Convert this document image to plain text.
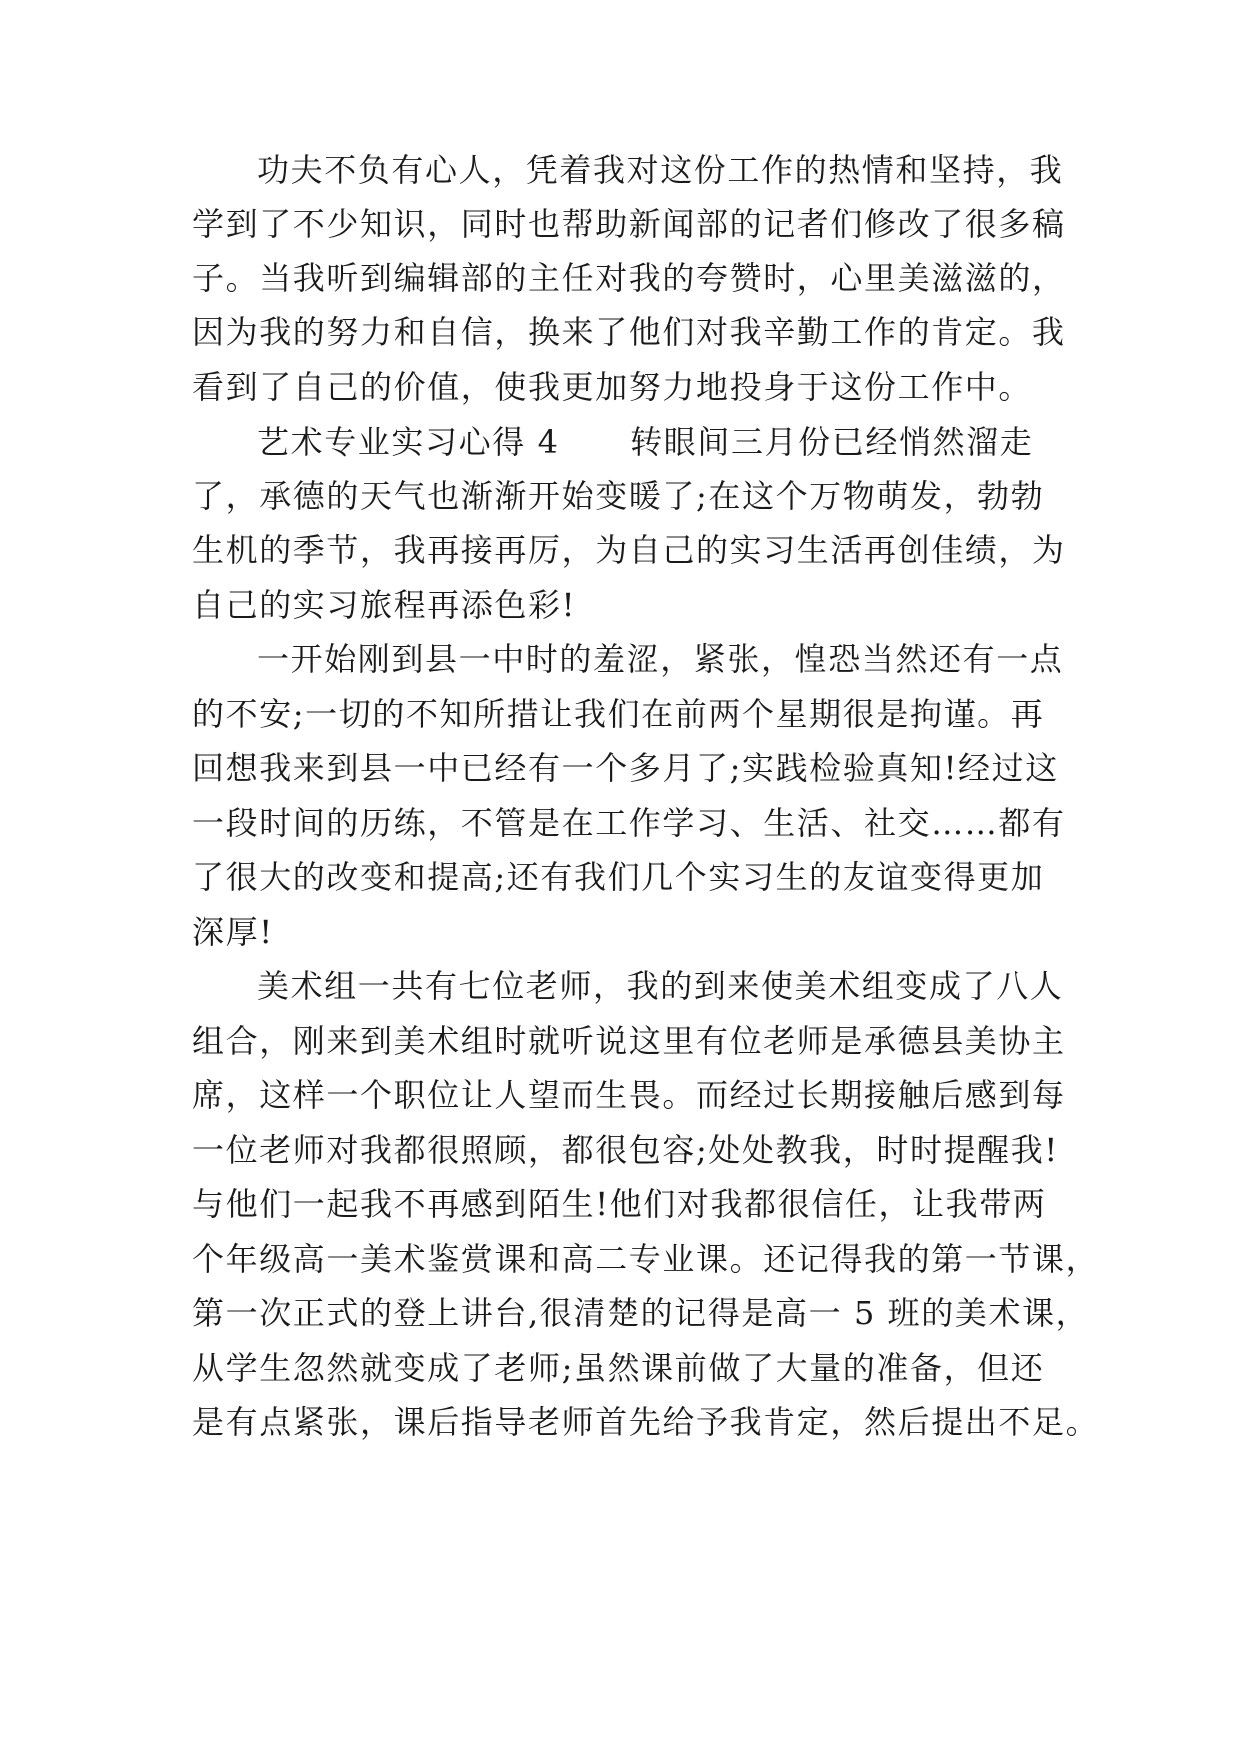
功夫不负有心人，凭着我对这份工作的热情和坚持，我
学到了不少知识，同时也帮助新闻部的记者们修改了很多稿
子。当我听到编辑部的主任对我的夸赞时，心里美滋滋的，
因为我的努力和自信，换来了他们对我辛勤工作的肯定。我
看到了自己的价值，使我更加努力地投身于这份工作中。
艺术专业实习心得 4      转眼间三月份已经悄然溜走
了，承德的天气也渐渐开始变暖了;在这个万物萌发，勃勃
生机的季节，我再接再厉，为自己的实习生活再创佳绩，为
自己的实习旅程再添色彩!
一开始刚到县一中时的羞涩，紧张，惶恐当然还有一点
的不安;一切的不知所措让我们在前两个星期很是拘谨。再
回想我来到县一中已经有一个多月了;实践检验真知!经过这
一段时间的历练，不管是在工作学习、生活、社交……都有
了很大的改变和提高;还有我们几个实习生的友谊变得更加
深厚!
美术组一共有七位老师，我的到来使美术组变成了八人
组合，刚来到美术组时就听说这里有位老师是承德县美协主
席，这样一个职位让人望而生畏。而经过长期接触后感到每
一位老师对我都很照顾，都很包容;处处教我，时时提醒我!
与他们一起我不再感到陌生!他们对我都很信任，让我带两
个年级高一美术鉴赏课和高二专业课。还记得我的第一节课，
第一次正式的登上讲台,很清楚的记得是高一 5 班的美术课，
从学生忽然就变成了老师;虽然课前做了大量的准备，但还
是有点紧张，课后指导老师首先给予我肯定，然后提出不足。
